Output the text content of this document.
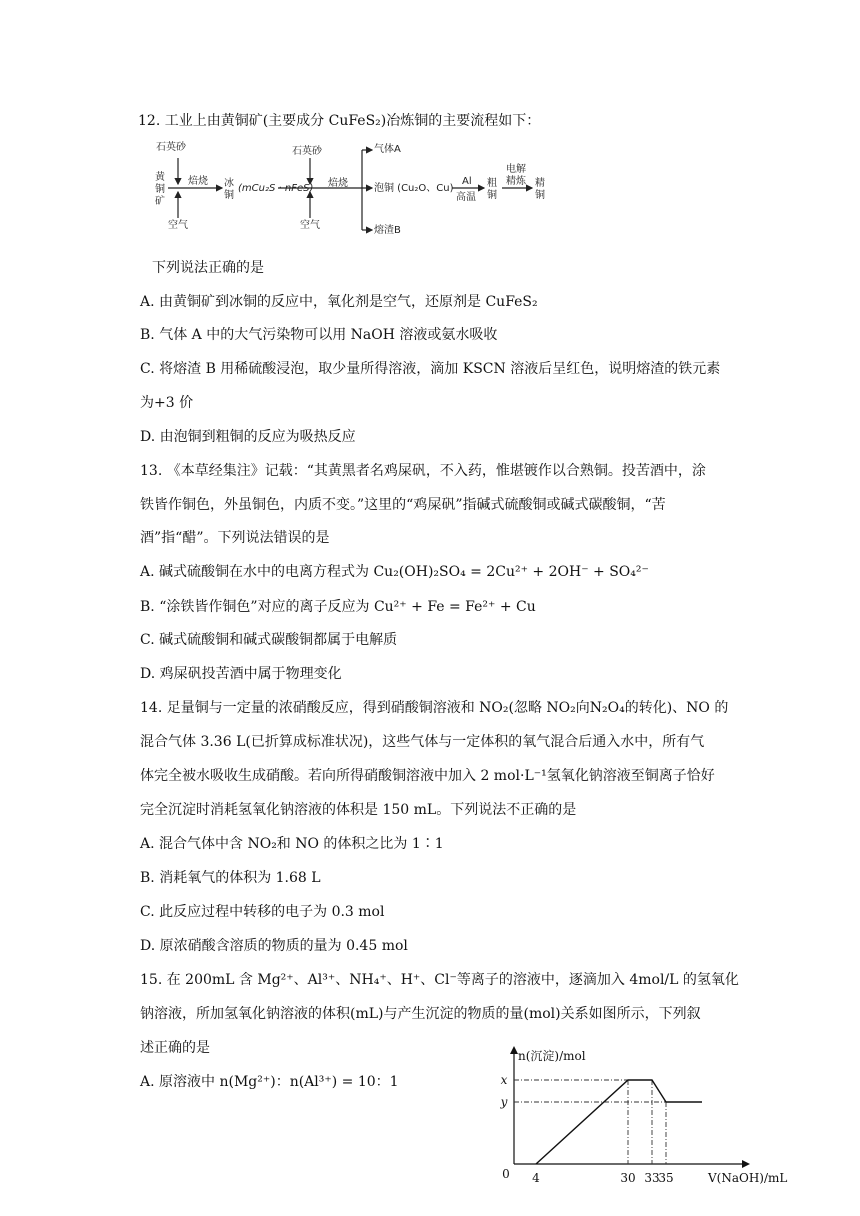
12. 工业上由黄铜矿(主要成分 CuFeS₂)冶炼铜的主要流程如下：
石英砂
黄铜矿
焙烧 冰铜
(mCu₂S · nFeS)
空气
石英砂
焙烧
气体A
泡铜 (Cu₂O、Cu)
Al
高温
粗铜
电解
精炼 精铜
空气	熔渣B
下列说法正确的是
A. 由黄铜矿到冰铜的反应中，氧化剂是空气，还原剂是 CuFeS₂
B. 气体 A 中的大气污染物可以用 NaOH 溶液或氨水吸收
C. 将熔渣 B 用稀硫酸浸泡，取少量所得溶液，滴加 KSCN 溶液后呈红色，说明熔渣的铁元素
为+3 价
D. 由泡铜到粗铜的反应为吸热反应
13. 《本草经集注》记载：“其黄黑者名鸡屎矾，不入药，惟堪镀作以合熟铜。投苦酒中，涂
铁皆作铜色，外虽铜色，内质不变。”这里的“鸡屎矾”指碱式硫酸铜或碱式碳酸铜，“苦
酒”指“醋”。下列说法错误的是
A. 碱式硫酸铜在水中的电离方程式为 Cu₂(OH)₂SO₄ = 2Cu²⁺ + 2OH⁻ + SO₄²⁻
B. “涂铁皆作铜色”对应的离子反应为 Cu²⁺ + Fe = Fe²⁺ + Cu
C. 碱式硫酸铜和碱式碳酸铜都属于电解质
D. 鸡屎矾投苦酒中属于物理变化
14. 足量铜与一定量的浓硝酸反应，得到硝酸铜溶液和 NO₂(忽略 NO₂向N₂O₄的转化)、NO 的
混合气体 3.36 L(已折算成标准状况)，这些气体与一定体积的氧气混合后通入水中，所有气
体完全被水吸收生成硝酸。若向所得硝酸铜溶液中加入 2 mol·L⁻¹氢氧化钠溶液至铜离子恰好
完全沉淀时消耗氢氧化钠溶液的体积是 150 mL。下列说法不正确的是
A. 混合气体中含 NO₂和 NO 的体积之比为 1∶1
B. 消耗氧气的体积为 1.68 L
C. 此反应过程中转移的电子为 0.3 mol
D. 原浓硝酸含溶质的物质的量为 0.45 mol
15. 在 200mL 含 Mg²⁺、Al³⁺、NH₄⁺、H⁺、Cl⁻等离子的溶液中，逐滴加入 4mol/L 的氢氧化
钠溶液，所加氢氧化钠溶液的体积(mL)与产生沉淀的物质的量(mol)关系如图所示，下列叙
述正确的是
A. 原溶液中 n(Mg²⁺)：n(Al³⁺) = 10：1
n(沉淀)/mol
0	V(NaOH)/mL
x
y
4	30 33
35
